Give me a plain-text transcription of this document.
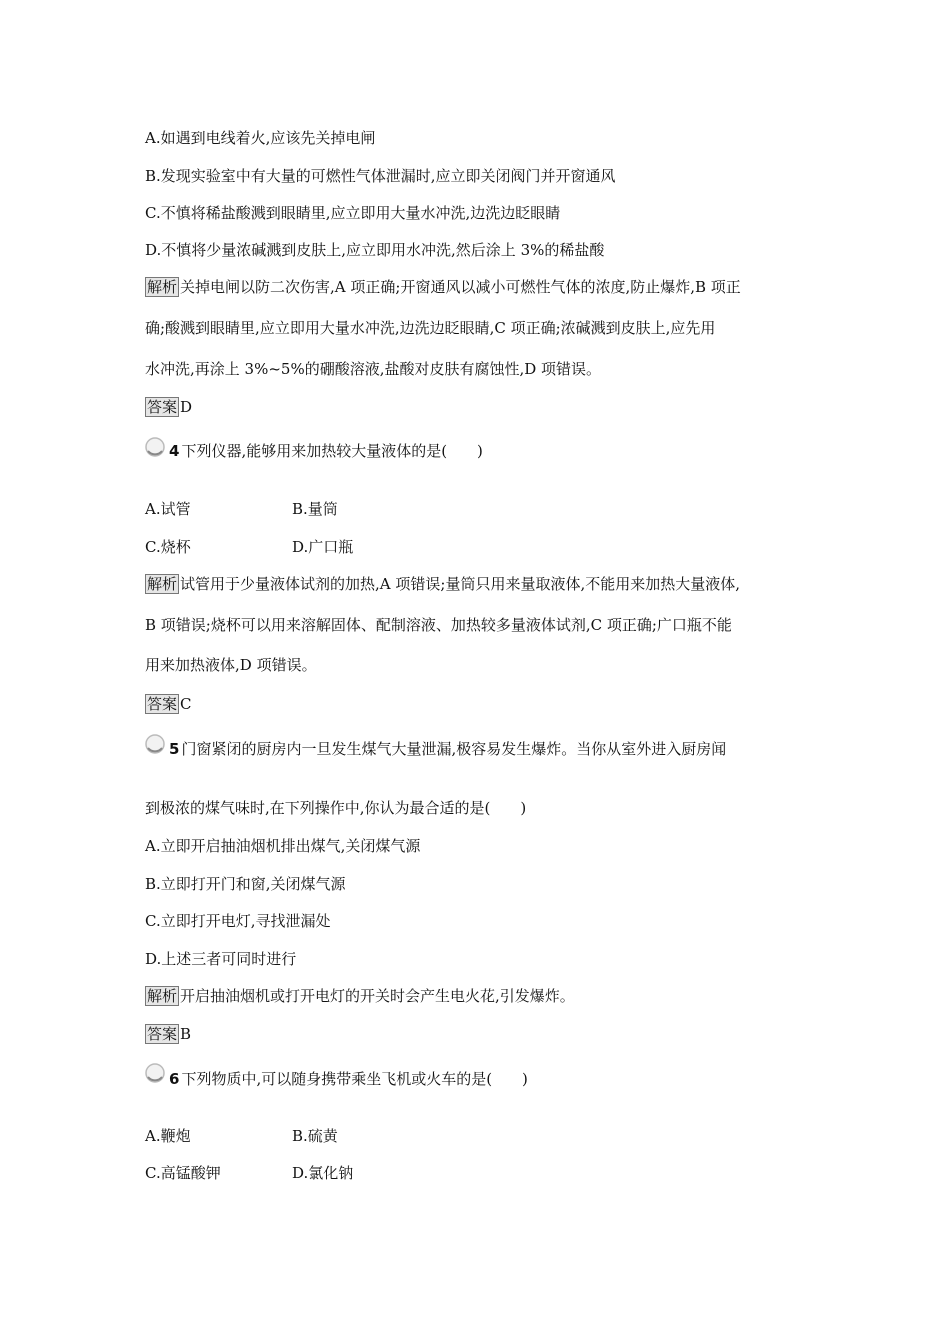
A.如遇到电线着火,应该先关掉电闸
B.发现实验室中有大量的可燃性气体泄漏时,应立即关闭阀门并开窗通风
C.不慎将稀盐酸溅到眼睛里,应立即用大量水冲洗,边洗边眨眼睛
D.不慎将少量浓碱溅到皮肤上,应立即用水冲洗,然后涂上 3%的稀盐酸
解析 关掉电闸以防二次伤害,A 项正确;开窗通风以减小可燃性气体的浓度,防止爆炸,B 项正
确;酸溅到眼睛里,应立即用大量水冲洗,边洗边眨眼睛,C 项正确;浓碱溅到皮肤上,应先用
水冲洗,再涂上 3%~5%的硼酸溶液,盐酸对皮肤有腐蚀性,D 项错误。
答案 D
4 下列仪器,能够用来加热较大量液体的是(　　)
A.试管	B.量筒
C.烧杯	D.广口瓶
解析 试管用于少量液体试剂的加热,A 项错误;量筒只用来量取液体,不能用来加热大量液体,
B 项错误;烧杯可以用来溶解固体、配制溶液、加热较多量液体试剂,C 项正确;广口瓶不能
用来加热液体,D 项错误。
答案 C
5 门窗紧闭的厨房内一旦发生煤气大量泄漏,极容易发生爆炸。当你从室外进入厨房闻
到极浓的煤气味时,在下列操作中,你认为最合适的是(　　)
A.立即开启抽油烟机排出煤气,关闭煤气源
B.立即打开门和窗,关闭煤气源
C.立即打开电灯,寻找泄漏处
D.上述三者可同时进行
解析 开启抽油烟机或打开电灯的开关时会产生电火花,引发爆炸。
答案 B
6 下列物质中,可以随身携带乘坐飞机或火车的是(　　)
A.鞭炮	B.硫黄
C.高锰酸钾	D.氯化钠
